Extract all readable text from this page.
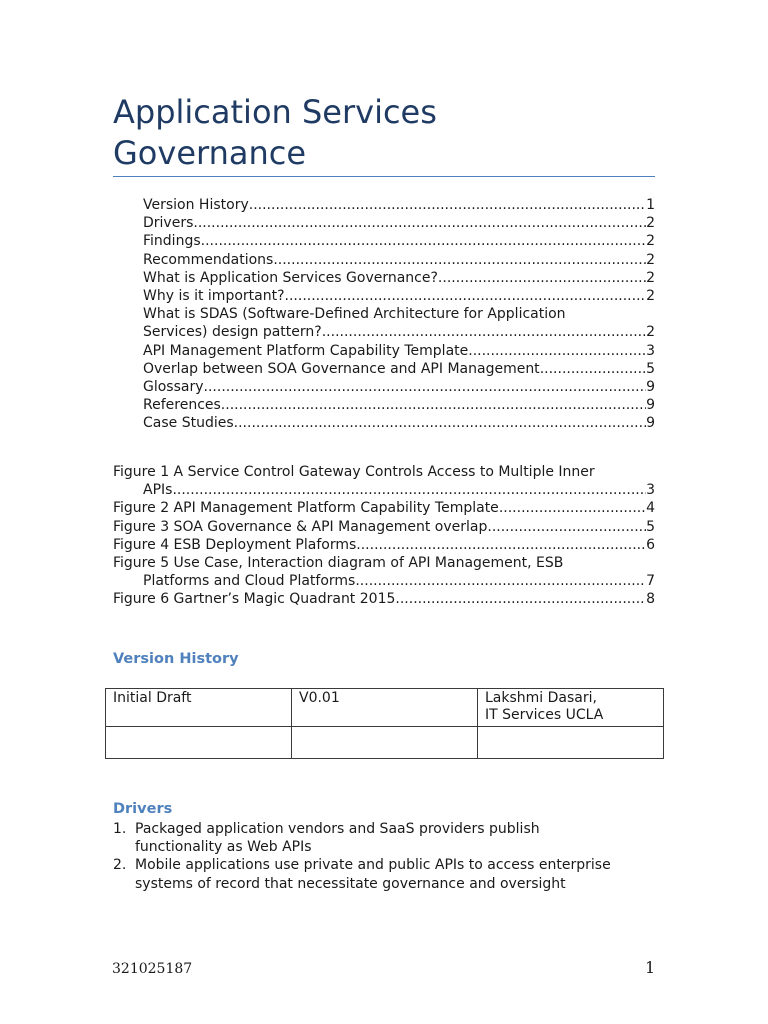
Application Services
Governance
Version History .....	1
Drivers .....	2
Findings .....	2
Recommendations .....	2
What is Application Services Governance? .....	2
Why is it important? .....	2
What is SDAS (Software-Defined Architecture for Application
Services) design pattern? .....	2
API Management Platform Capability Template .....	3
Overlap between SOA Governance and API Management .....	5
Glossary .....	9
References .....	9
Case Studies .....	9
Figure 1 A Service Control Gateway Controls Access to Multiple Inner
APIs .....	3
Figure 2 API Management Platform Capability Template .....	4
Figure 3 SOA Governance & API Management overlap .....	5
Figure 4 ESB Deployment Plaforms .....	6
Figure 5 Use Case, Interaction diagram of API Management, ESB
Platforms and Cloud Platforms .....	7
Figure 6 Gartner’s Magic Quadrant 2015 .....	8
Version History
Initial Draft	V0.01	Lakshmi Dasari,
IT Services UCLA

Drivers
1. Packaged application vendors and SaaS providers publish
functionality as Web APIs
2. Mobile applications use private and public APIs to access enterprise
systems of record that necessitate governance and oversight
321025187	1
